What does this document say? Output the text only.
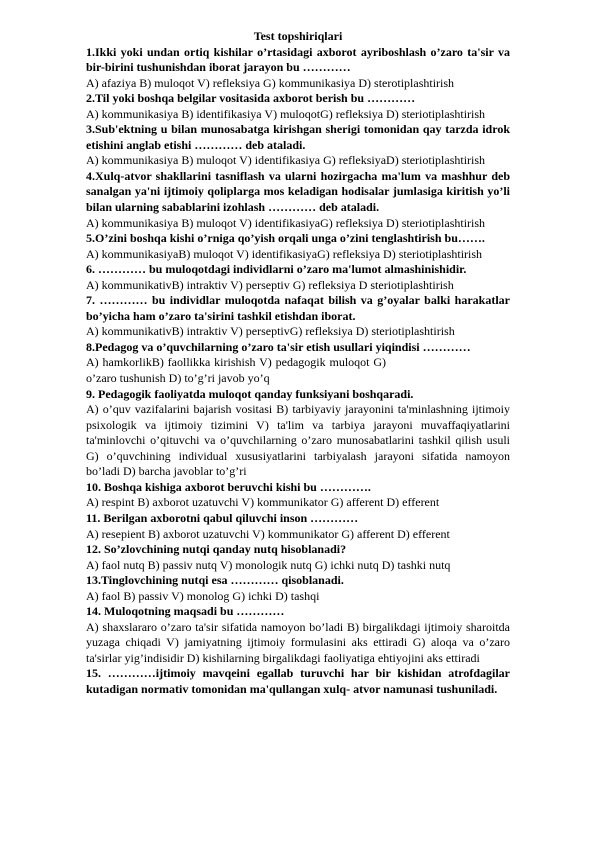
Test topshiriqlari
1.Ikki yoki undan ortiq kishilar o’rtasidagi axborot ayriboshlash o’zaro ta'sir va bir-birini tushunishdan iborat jarayon bu …………
A) afaziya B) muloqot V) refleksiya G) kommunikasiya D) sterotiplashtirish
2.Til yoki boshqa belgilar vositasida axborot berish bu …………
A) kommunikasiya B) identifikasiya V) muloqotG) refleksiya D) steriotiplashtirish
3.Sub'ektning u bilan munosabatga kirishgan sherigi tomonidan qay tarzda idrok etishini anglab etishi ………… deb ataladi.
A) kommunikasiya B) muloqot V) identifikasiya G) refleksiyaD) steriotiplashtirish
4.Xulq-atvor shakllarini tasniflash va ularni hozirgacha ma'lum va mashhur deb sanalgan ya'ni ijtimoiy qoliplarga mos keladigan hodisalar jumlasiga kiritish yo’li bilan ularning sabablarini izohlash ………… deb ataladi.
A) kommunikasiya B) muloqot V) identifikasiyaG) refleksiya D) steriotiplashtirish
5.O’zini boshqa kishi o’rniga qo’yish orqali unga o’zini tenglashtirish bu…….
A) kommunikasiyaB) muloqot V) identifikasiyaG) refleksiya D) steriotiplashtirish
6. ………… bu muloqotdagi individlarni o’zaro ma'lumot almashinishidir.
A) kommunikativB) intraktiv V) perseptiv G) refleksiya D steriotiplashtirish
7. ………… bu individlar muloqotda nafaqat bilish va g’oyalar balki harakatlar bo’yicha ham o’zaro ta'sirini tashkil etishdan iborat.
A) kommunikativB) intraktiv V) perseptivG) refleksiya D) steriotiplashtirish
8.Pedagog va o’quvchilarning o’zaro ta'sir etish usullari yiqindisi …………
A) hamkorlikB) faollikka kirishish V) pedagogik muloqot G) o’zaro tushunish D) to’g’ri javob yo’q
9. Pedagogik faoliyatda muloqot qanday funksiyani boshqaradi.
A) o’quv vazifalarini bajarish vositasi B) tarbiyaviy jarayonini ta'minlashning ijtimoiy psixologik va ijtimoiy tizimini V) ta'lim va tarbiya jarayoni muvaffaqiyatlarini ta'minlovchi o’qituvchi va o’quvchilarning o’zaro munosabatlarini tashkil qilish usuli G) o’quvchining individual xususiyatlarini tarbiyalash jarayoni sifatida namoyon bo’ladi D) barcha javoblar to’g’ri
10. Boshqa kishiga axborot beruvchi kishi bu ………….
A) respint B) axborot uzatuvchi V) kommunikator G) afferent D) efferent
11. Berilgan axborotni qabul qiluvchi inson …………
A) resepient B) axborot uzatuvchi V) kommunikator G) afferent D) efferent
12. So’zlovchining nutqi qanday nutq hisoblanadi?
A) faol nutq B) passiv nutq V) monologik nutq G) ichki nutq D) tashki nutq
13.Tinglovchining nutqi esa ………… qisoblanadi.
A) faol B) passiv V) monolog G) ichki D) tashqi
14. Muloqotning maqsadi bu …………
A) shaxslararo o’zaro ta'sir sifatida namoyon bo’ladi B) birgalikdagi ijtimoiy sharoitda yuzaga chiqadi V) jamiyatning ijtimoiy formulasini aks ettiradi G) aloqa va o’zaro ta'sirlar yig’indisidir D) kishilarning birgalikdagi faoliyatiga ehtiyojini aks ettiradi
15. …………ijtimoiy mavqeini egallab turuvchi har bir kishidan atrofdagilar kutadigan normativ tomonidan ma'qullangan xulq- atvor namunasi tushuniladi.
